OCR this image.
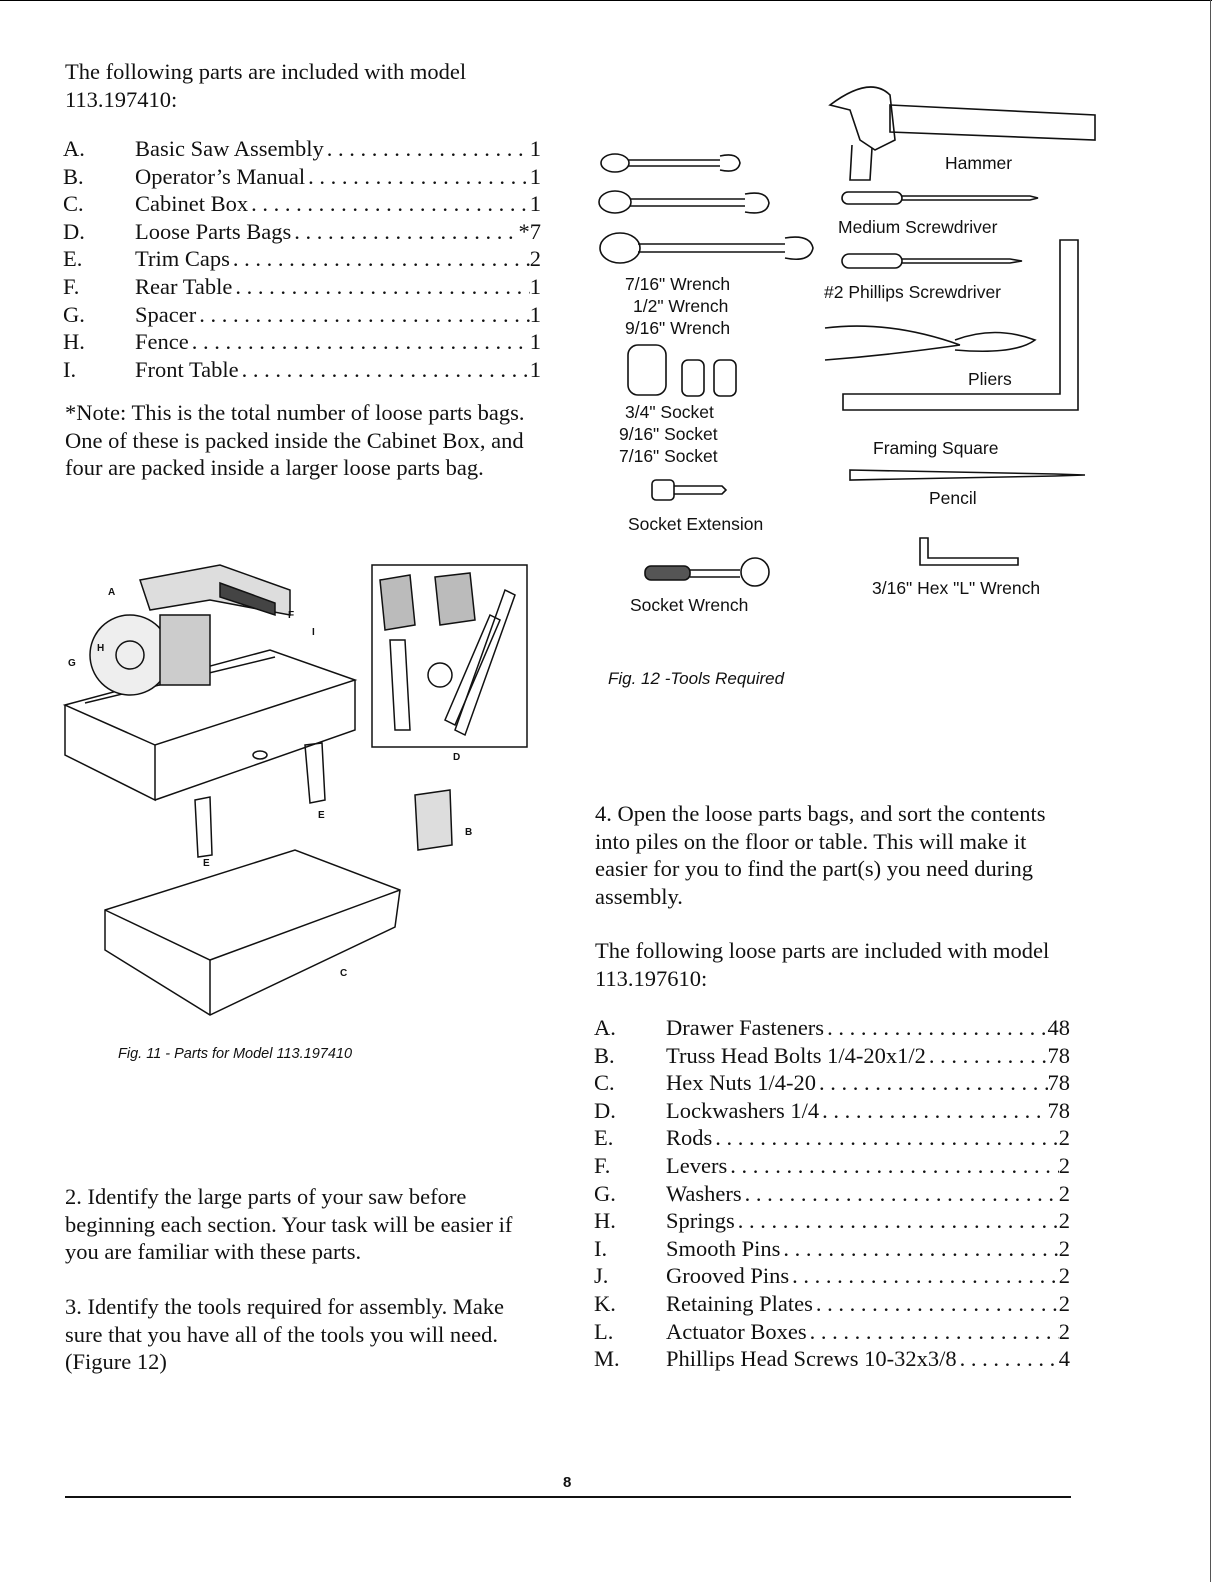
The following parts are included with model 113.197410:
A.	Basic Saw Assembly . . .	1
B.	Operator’s Manual . . .	1
C.	Cabinet Box . . .	1
D.	Loose Parts Bags . . .	*7
E.	Trim Caps . . .	2
F.	Rear Table . . .	1
G.	Spacer . . .	1
H.	Fence . . .	1
I.	Front Table . . .	1
*Note: This is the total number of loose parts bags. One of these is packed inside the Cabinet Box, and four are packed inside a larger loose parts bag.
A
F
I
H
G
D
E
B
E
C
Fig. 11 - Parts for Model 113.197410
2. Identify the large parts of your saw before beginning each section. Your task will be easier if you are familiar with these parts.
3. Identify the tools required for assembly. Make sure that you have all of the tools you will need. (Figure 12)
7/16" Wrench
1/2" Wrench
9/16" Wrench
3/4" Socket
9/16" Socket
7/16" Socket
Socket Extension
Socket Wrench
Hammer
Medium Screwdriver
#2 Phillips Screwdriver
Pliers
Framing Square
Pencil
3/16" Hex "L" Wrench
Fig. 12 -Tools Required
4. Open the loose parts bags, and sort the contents into piles on the floor or table. This will make it easier for you to find the part(s) you need during assembly.
The following loose parts are included with model 113.197610:
A.	Drawer Fasteners . . .	48
B.	Truss Head Bolts 1/4-20x1/2 . . .	78
C.	Hex Nuts 1/4-20 . . .	78
D.	Lockwashers 1/4 . . .	78
E.	Rods . . .	2
F.	Levers . . .	2
G.	Washers . . .	2
H.	Springs . . .	2
I.	Smooth Pins . . .	2
J.	Grooved Pins . . .	2
K.	Retaining Plates . . .	2
L.	Actuator Boxes . . .	2
M.	Phillips Head Screws 10-32x3/8 . . .	4
8
